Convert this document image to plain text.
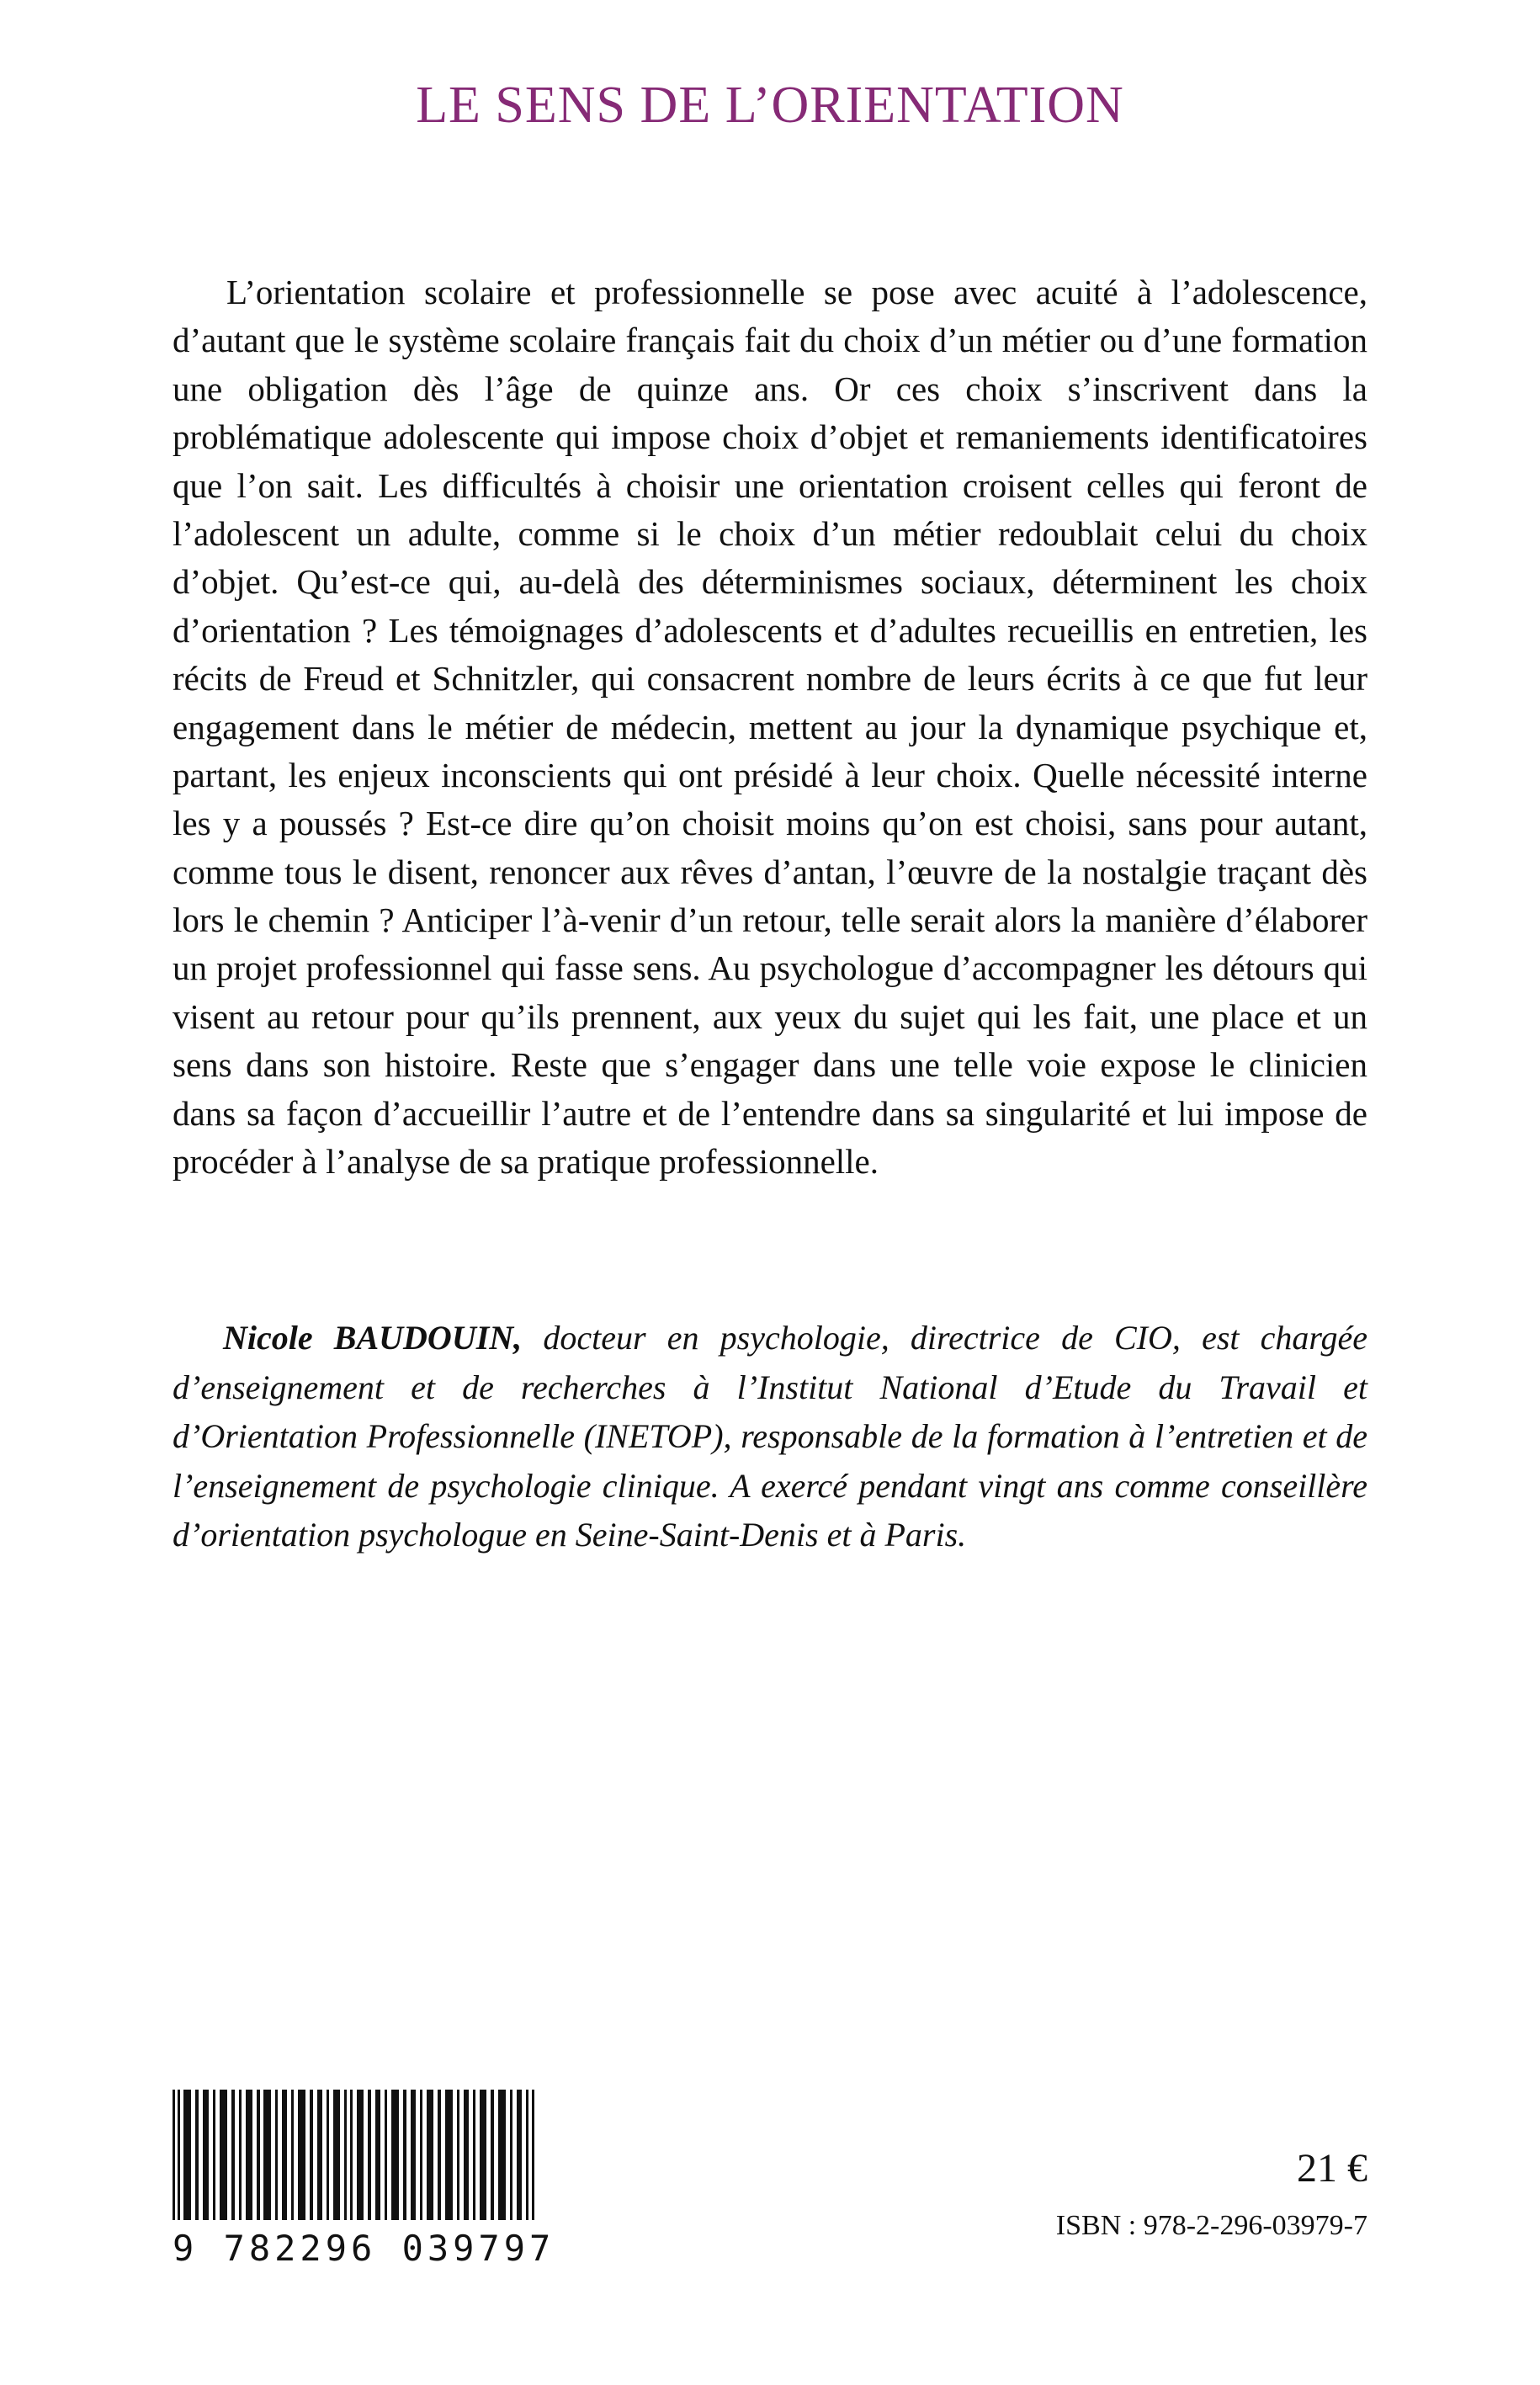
LE SENS DE L’ORIENTATION

L’orientation scolaire et professionnelle se pose avec acuité à l’adolescence, d’autant que le système scolaire français fait du choix d’un métier ou d’une formation une obligation dès l’âge de quinze ans. Or ces choix s’inscrivent dans la problématique adolescente qui impose choix d’objet et remaniements identificatoires que l’on sait. Les difficultés à choisir une orientation croisent celles qui feront de l’adolescent un adulte, comme si le choix d’un métier redoublait celui du choix d’objet. Qu’est-ce qui, au-delà des déterminismes sociaux, déterminent les choix d’orientation ? Les témoignages d’adolescents et d’adultes recueillis en entretien, les récits de Freud et Schnitzler, qui consacrent nombre de leurs écrits à ce que fut leur engagement dans le métier de médecin, mettent au jour la dynamique psychique et, partant, les enjeux inconscients qui ont présidé à leur choix. Quelle nécessité interne les y a poussés ? Est-ce dire qu’on choisit moins qu’on est choisi, sans pour autant, comme tous le disent, renoncer aux rêves d’antan, l’œuvre de la nostalgie traçant dès lors le chemin ? Anticiper l’à-venir d’un retour, telle serait alors la manière d’élaborer un projet professionnel qui fasse sens. Au psychologue d’accompagner les détours qui visent au retour pour qu’ils prennent, aux yeux du sujet qui les fait, une place et un sens dans son histoire. Reste que s’engager dans une telle voie expose le clinicien dans sa façon d’accueillir l’autre et de l’entendre dans sa singularité et lui impose de procéder à l’analyse de sa pratique professionnelle.

Nicole BAUDOUIN, docteur en psychologie, directrice de CIO, est chargée d’enseignement et de recherches à l’Institut National d’Etude du Travail et d’Orientation Professionnelle (INETOP), responsable de la formation à l’entretien et de l’enseignement de psychologie clinique. A exercé pendant vingt ans comme conseillère d’orientation psychologue en Seine-Saint-Denis et à Paris.

9 782296 039797

21 €

ISBN : 978-2-296-03979-7
